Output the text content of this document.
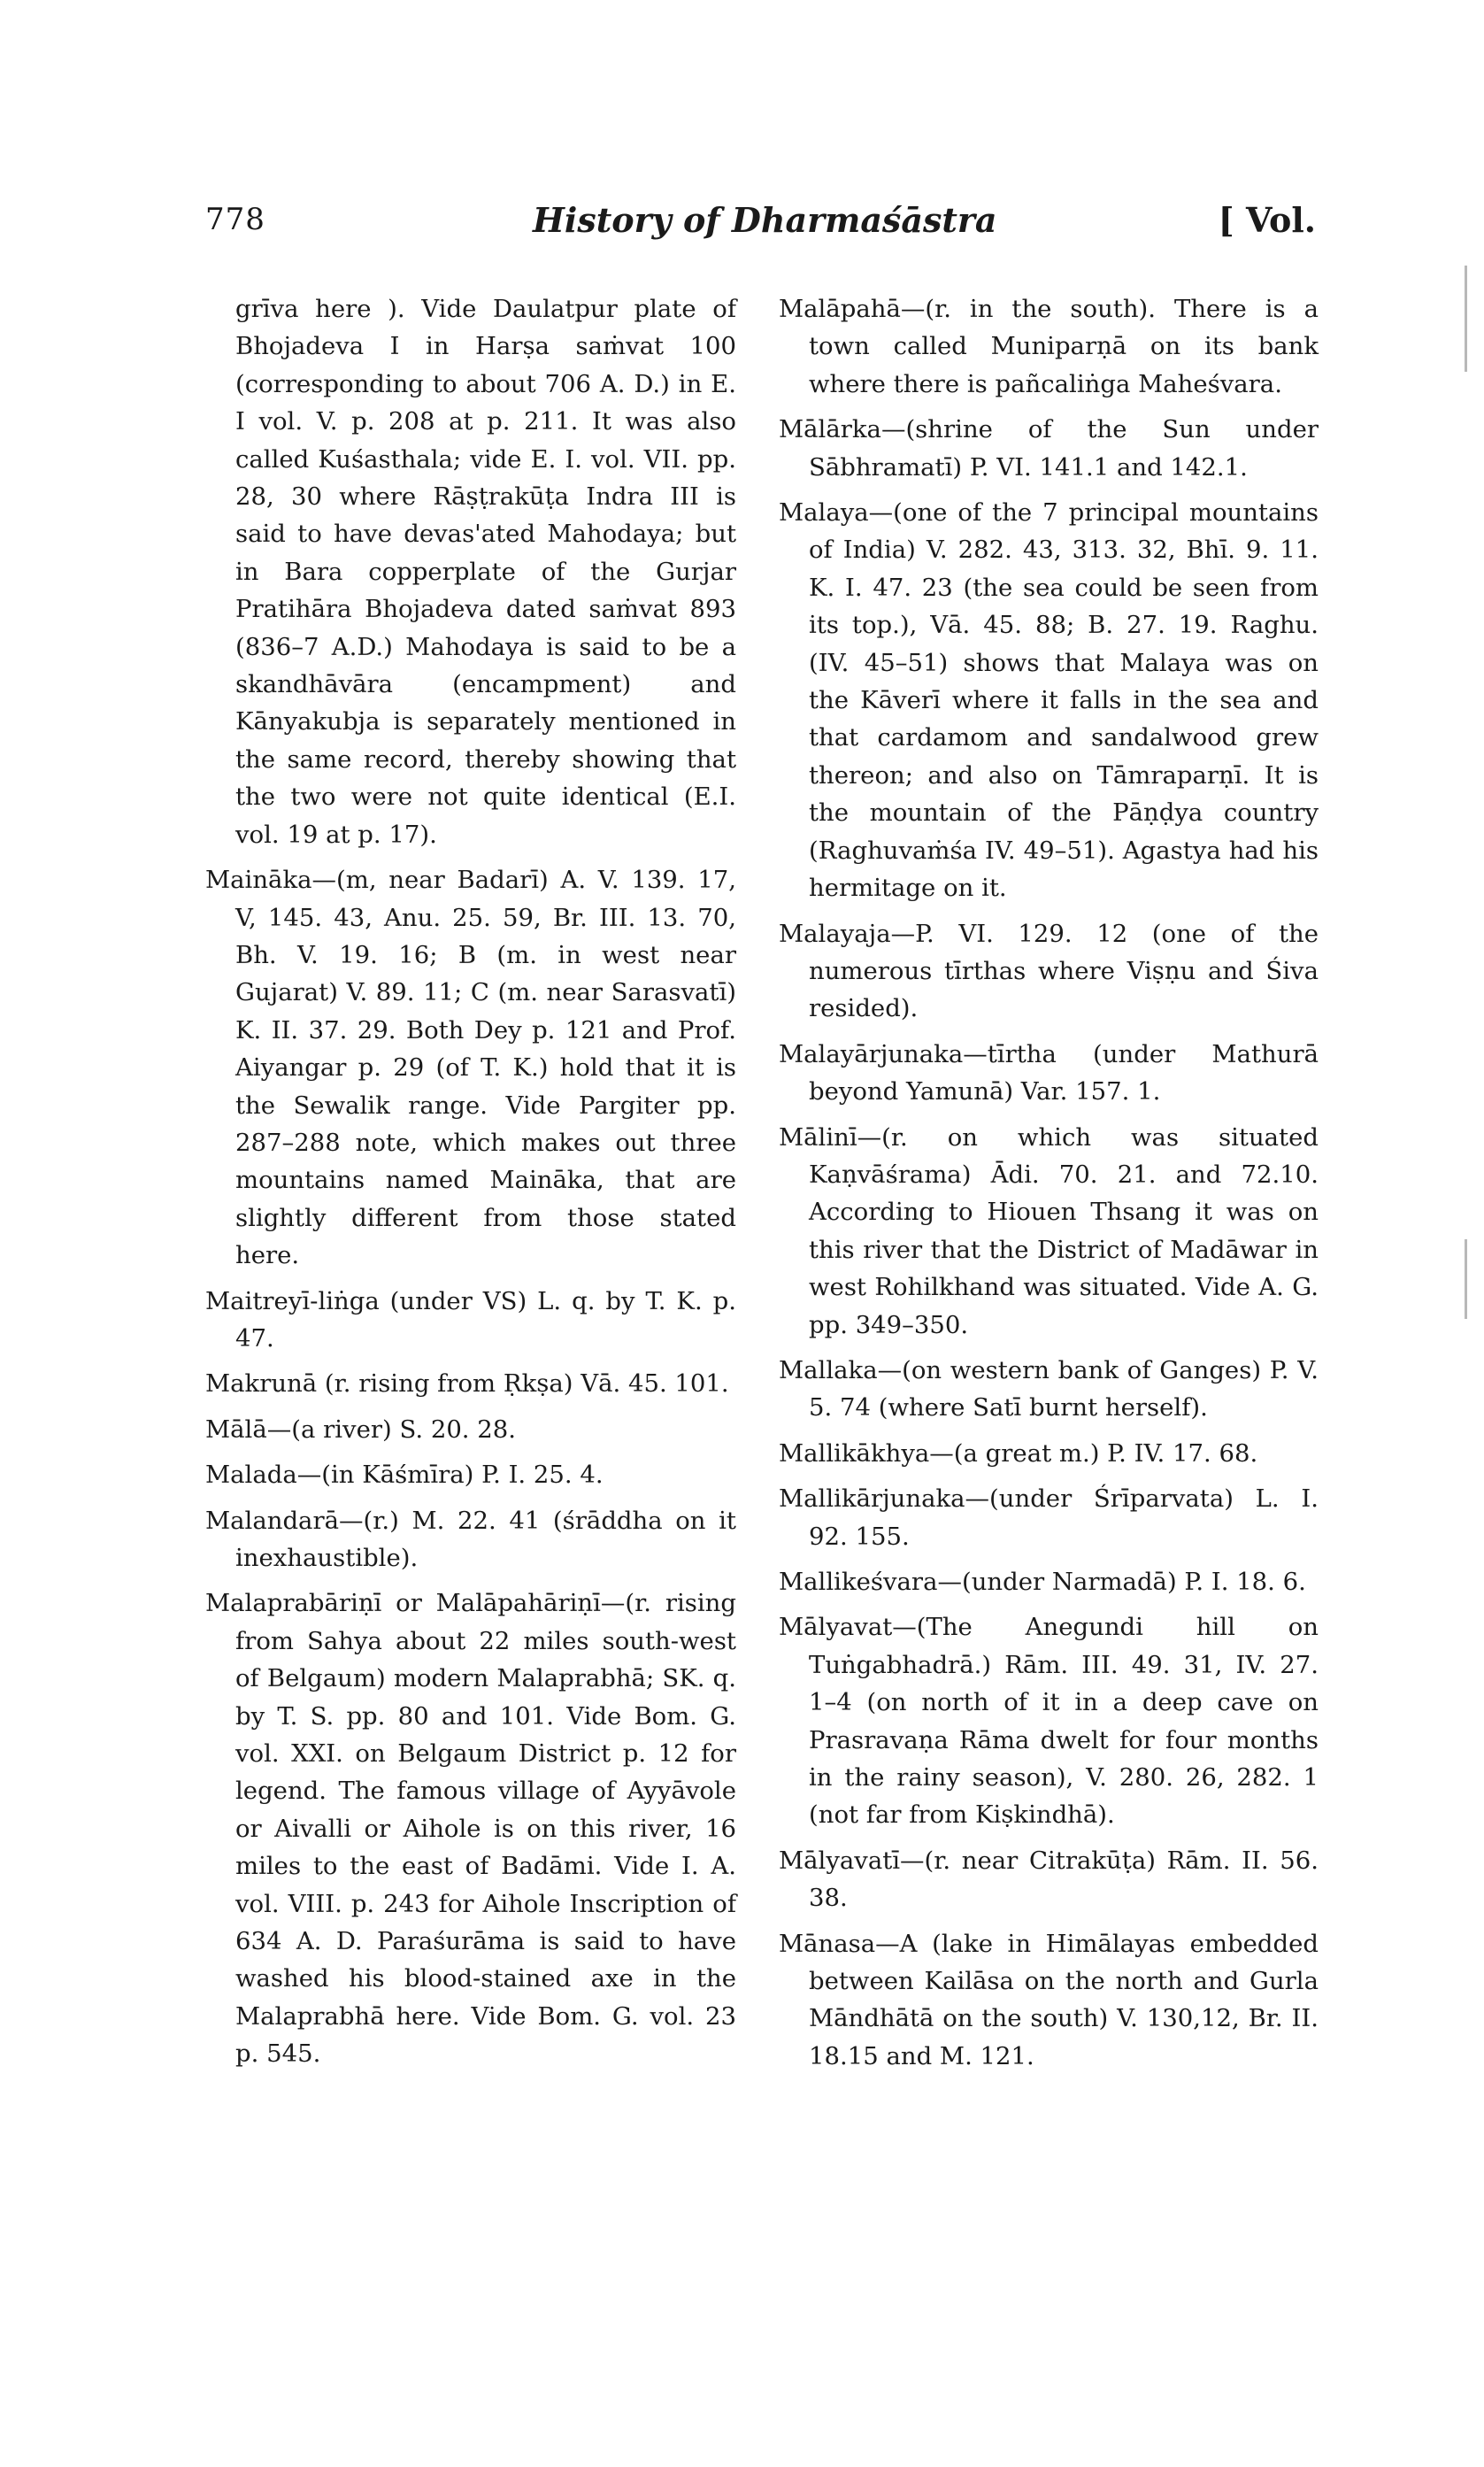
778	History of Dharmaśāstra	[ Vol.

grīva here ). Vide Daulatpur plate of Bhojadeva I in Harṣa saṁvat 100 (corresponding to about 706 A. D.) in E. I vol. V. p. 208 at p. 211. It was also called Kuśasthala; vide E. I. vol. VII. pp. 28, 30 where Rāṣṭrakūṭa Indra III is said to have devas'ated Mahodaya; but in Bara copperplate of the Gurjar Pratihāra Bhojadeva dated saṁvat 893 (836–7 A.D.) Mahodaya is said to be a skandhāvāra (encampment) and Kānyakubja is separately mentioned in the same record, thereby showing that the two were not quite identical (E.I. vol. 19 at p. 17).

Maināka—(m, near Badarī) A. V. 139. 17, V, 145. 43, Anu. 25. 59, Br. III. 13. 70, Bh. V. 19. 16; B (m. in west near Gujarat) V. 89. 11; C (m. near Sarasvatī) K. II. 37. 29. Both Dey p. 121 and Prof. Aiyangar p. 29 (of T. K.) hold that it is the Sewalik range. Vide Pargiter pp. 287–288 note, which makes out three mountains named Maināka, that are slightly different from those stated here.

Maitreyī-liṅga (under VS) L. q. by T. K. p. 47.

Makrunā (r. rising from Ṛkṣa) Vā. 45. 101.

Mālā—(a river) S. 20. 28.

Malada—(in Kāśmīra) P. I. 25. 4.

Malandarā—(r.) M. 22. 41 (śrāddha on it inexhaustible).

Malaprabāriṇī or Malāpahāriṇī—(r. rising from Sahya about 22 miles south-west of Belgaum) modern Malaprabhā; SK. q. by T. S. pp. 80 and 101. Vide Bom. G. vol. XXI. on Belgaum District p. 12 for legend. The famous village of Ayyāvole or Aivalli or Aihole is on this river, 16 miles to the east of Badāmi. Vide I. A. vol. VIII. p. 243 for Aihole Inscription of 634 A. D. Paraśurāma is said to have washed his blood-stained axe in the Malaprabhā here. Vide Bom. G. vol. 23 p. 545.

Malāpahā—(r. in the south). There is a town called Muniparṇā on its bank where there is pañcaliṅga Maheśvara.

Mālārka—(shrine of the Sun under Sābhramatī) P. VI. 141.1 and 142.1.

Malaya—(one of the 7 principal mountains of India) V. 282. 43, 313. 32, Bhī. 9. 11. K. I. 47. 23 (the sea could be seen from its top.), Vā. 45. 88; B. 27. 19. Raghu. (IV. 45–51) shows that Malaya was on the Kāverī where it falls in the sea and that cardamom and sandalwood grew thereon; and also on Tāmraparṇī. It is the mountain of the Pāṇḍya country (Raghuvaṁśa IV. 49–51). Agastya had his hermitage on it.

Malayaja—P. VI. 129. 12 (one of the numerous tīrthas where Viṣṇu and Śiva resided).

Malayārjunaka—tīrtha (under Mathurā beyond Yamunā) Var. 157. 1.

Mālinī—(r. on which was situated Kaṇvāśrama) Ādi. 70. 21. and 72.10. According to Hiouen Thsang it was on this river that the District of Madāwar in west Rohilkhand was situated. Vide A. G. pp. 349–350.

Mallaka—(on western bank of Ganges) P. V. 5. 74 (where Satī burnt herself).

Mallikākhya—(a great m.) P. IV. 17. 68.

Mallikārjunaka—(under Śrīparvata) L. I. 92. 155.

Mallikeśvara—(under Narmadā) P. I. 18. 6.

Mālyavat—(The Anegundi hill on Tuṅgabhadrā.) Rām. III. 49. 31, IV. 27. 1–4 (on north of it in a deep cave on Prasravaṇa Rāma dwelt for four months in the rainy season), V. 280. 26, 282. 1 (not far from Kiṣkindhā).

Mālyavatī—(r. near Citrakūṭa) Rām. II. 56. 38.

Mānasa—A (lake in Himālayas embedded between Kailāsa on the north and Gurla Māndhātā on the south) V. 130,12, Br. II. 18.15 and M. 121.
